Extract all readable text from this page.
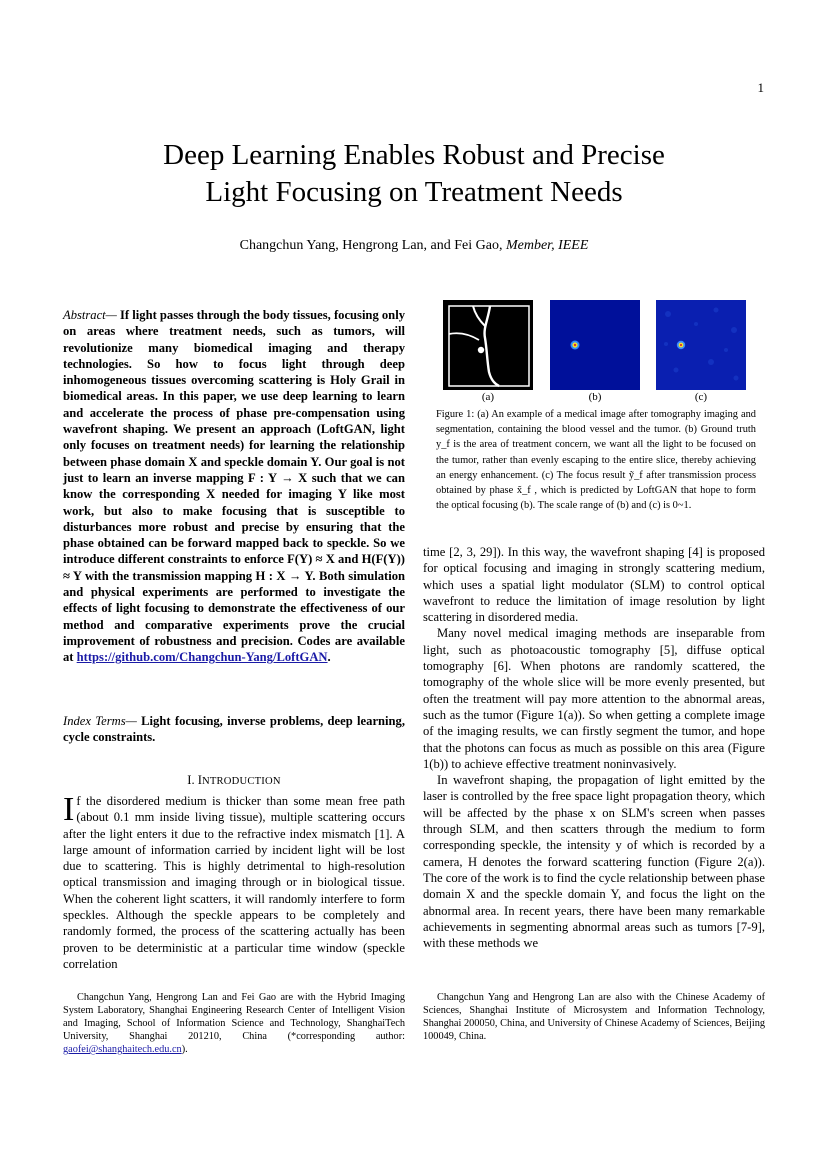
1
Deep Learning Enables Robust and Precise
Light Focusing on Treatment Needs
Changchun Yang, Hengrong Lan, and Fei Gao, Member, IEEE

Abstract— If light passes through the body tissues, focusing only on areas where treatment needs, such as tumors, will revolutionize many biomedical imaging and therapy technologies. So how to focus light through deep inhomogeneous tissues overcoming scattering is Holy Grail in biomedical areas. In this paper, we use deep learning to learn and accelerate the process of phase pre-compensation using wavefront shaping. We present an approach (LoftGAN, light only focuses on treatment needs) for learning the relationship between phase domain X and speckle domain Y. Our goal is not just to learn an inverse mapping F : Y → X such that we can know the corresponding X needed for imaging Y like most work, but also to make focusing that is susceptible to disturbances more robust and precise by ensuring that the phase obtained can be forward mapped back to speckle. So we introduce different constraints to enforce F(Y) ≈ X and H(F(Y)) ≈ Y with the transmission mapping H : X → Y. Both simulation and physical experiments are performed to investigate the effects of light focusing to demonstrate the effectiveness of our method and comparative experiments prove the crucial improvement of robustness and precision. Codes are available at https://github.com/Changchun-Yang/LoftGAN.

Index Terms— Light focusing, inverse problems, deep learning, cycle constraints.

I. INTRODUCTION
I f the disordered medium is thicker than some mean free path (about 0.1 mm inside living tissue), multiple scattering occurs after the light enters it due to the refractive index mismatch [1]. A large amount of information carried by incident light will be lost due to scattering. This is highly detrimental to high-resolution optical transmission and imaging through or in biological tissue. When the coherent light scatters, it will randomly interfere to form speckles. Although the speckle appears to be completely and randomly formed, the process of the scattering actually has been proven to be deterministic at a particular time window (speckle correlation

(a)	(b)	(c)
Figure 1: (a) An example of a medical image after tomography imaging and segmentation, containing the blood vessel and the tumor. (b) Ground truth y_f is the area of treatment concern, we want all the light to be focused on the tumor, rather than evenly escaping to the entire slice, thereby achieving an energy enhancement. (c) The focus result ỹ_f after transmission process obtained by phase x̃_f , which is predicted by LoftGAN that hope to form the optical focusing (b). The scale range of (b) and (c) is 0~1.

time [2, 3, 29]). In this way, the wavefront shaping [4] is proposed for optical focusing and imaging in strongly scattering medium, which uses a spatial light modulator (SLM) to control optical wavefront to reduce the limitation of image resolution by light scattering in disordered media.

Many novel medical imaging methods are inseparable from light, such as photoacoustic tomography [5], diffuse optical tomography [6]. When photons are randomly scattered, the tomography of the whole slice will be more evenly presented, but often the treatment will pay more attention to the abnormal areas, such as the tumor (Figure 1(a)). So when getting a complete image of the imaging results, we can firstly segment the tumor, and hope that the photons can focus as much as possible on this area (Figure 1(b)) to achieve effective treatment noninvasively.

In wavefront shaping, the propagation of light emitted by the laser is controlled by the free space light propagation theory, which will be affected by the phase x on SLM's screen when passes through SLM, and then scatters through the medium to form corresponding speckle, the intensity y of which is recorded by a camera, H denotes the forward scattering function (Figure 2(a)). The core of the work is to find the cycle relationship between phase domain X and the speckle domain Y, and focus the light on the abnormal area. In recent years, there have been many remarkable achievements in segmenting abnormal areas such as tumors [7-9], with these methods we

Changchun Yang, Hengrong Lan and Fei Gao are with the Hybrid Imaging System Laboratory, Shanghai Engineering Research Center of Intelligent Vision and Imaging, School of Information Science and Technology, ShanghaiTech University, Shanghai 201210, China (*corresponding author: gaofei@shanghaitech.edu.cn).

Changchun Yang and Hengrong Lan are also with the Chinese Academy of Sciences, Shanghai Institute of Microsystem and Information Technology, Shanghai 200050, China, and University of Chinese Academy of Sciences, Beijing 100049, China.
